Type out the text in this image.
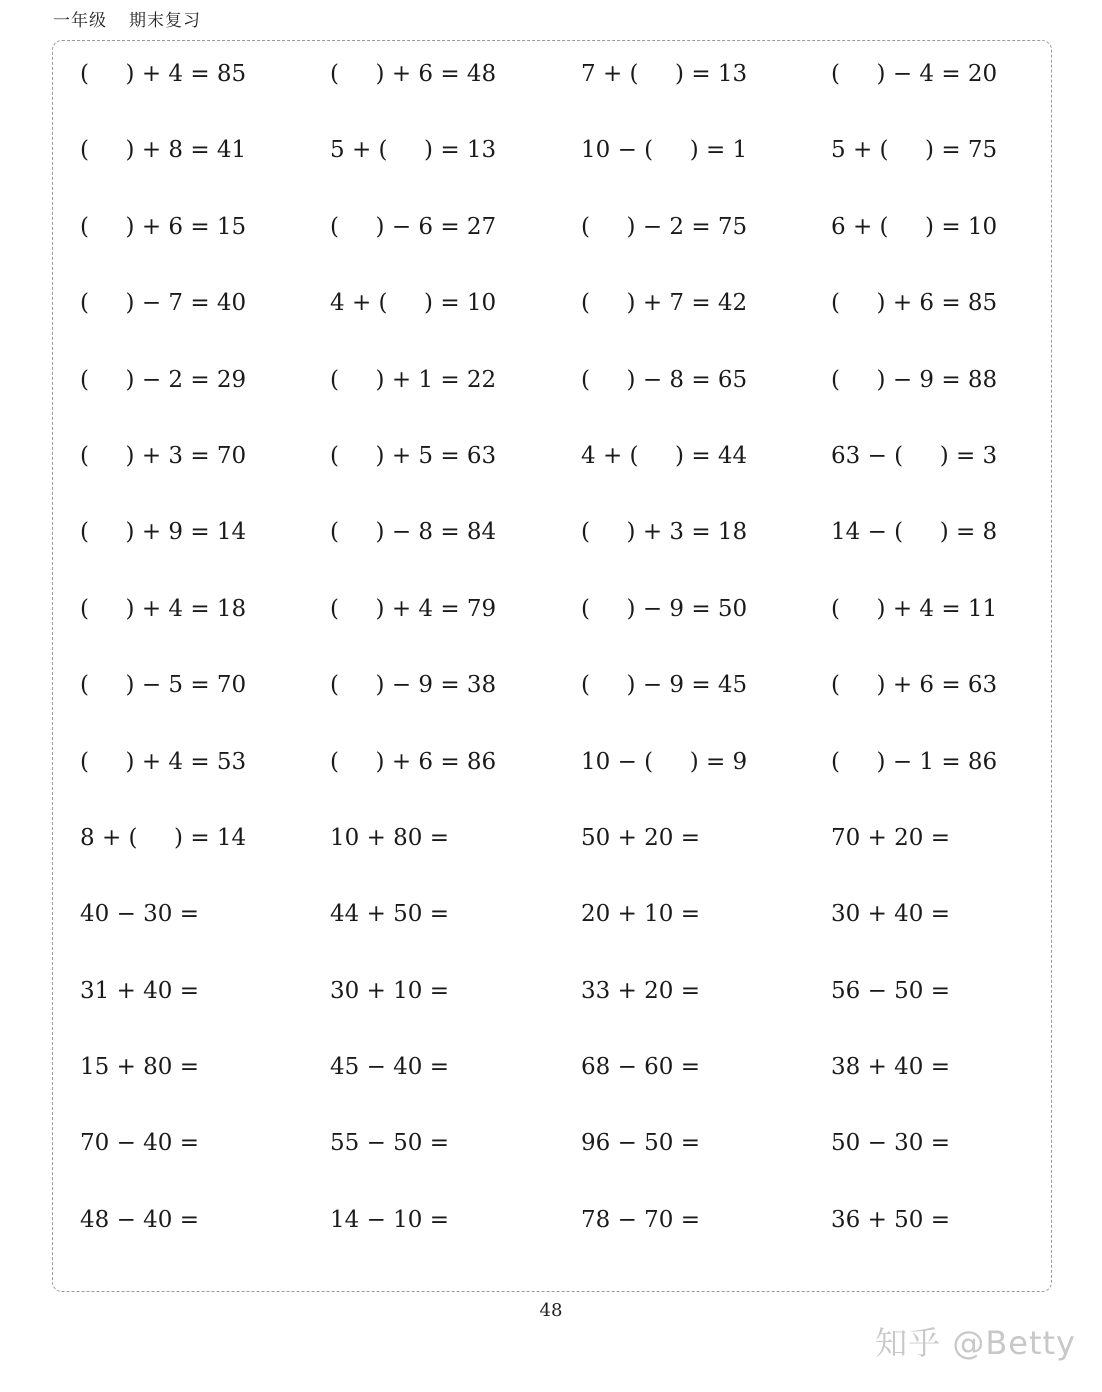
一年级 期末复习
(     ) + 4 = 85	(     ) + 6 = 48	7 + (     ) = 13	(     ) − 4 = 20
(     ) + 8 = 41	5 + (     ) = 13	10 − (     ) = 1	5 + (     ) = 75
(     ) + 6 = 15	(     ) − 6 = 27	(     ) − 2 = 75	6 + (     ) = 10
(     ) − 7 = 40	4 + (     ) = 10	(     ) + 7 = 42	(     ) + 6 = 85
(     ) − 2 = 29	(     ) + 1 = 22	(     ) − 8 = 65	(     ) − 9 = 88
(     ) + 3 = 70	(     ) + 5 = 63	4 + (     ) = 44	63 − (     ) = 3
(     ) + 9 = 14	(     ) − 8 = 84	(     ) + 3 = 18	14 − (     ) = 8
(     ) + 4 = 18	(     ) + 4 = 79	(     ) − 9 = 50	(     ) + 4 = 11
(     ) − 5 = 70	(     ) − 9 = 38	(     ) − 9 = 45	(     ) + 6 = 63
(     ) + 4 = 53	(     ) + 6 = 86	10 − (     ) = 9	(     ) − 1 = 86
8 + (     ) = 14	10 + 80 =	50 + 20 =	70 + 20 =
40 − 30 =	44 + 50 =	20 + 10 =	30 + 40 =
31 + 40 =	30 + 10 =	33 + 20 =	56 − 50 =
15 + 80 =	45 − 40 =	68 − 60 =	38 + 40 =
70 − 40 =	55 − 50 =	96 − 50 =	50 − 30 =
48 − 40 =	14 − 10 =	78 − 70 =	36 + 50 =
48
知乎 @Betty
